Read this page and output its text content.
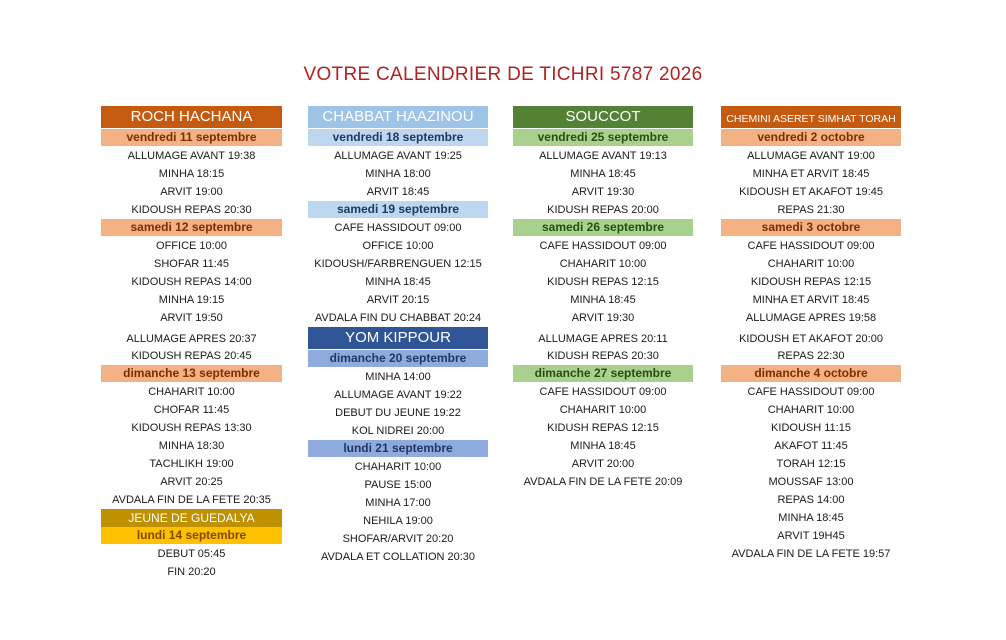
VOTRE CALENDRIER DE TICHRI 5787 2026
ROCH HACHANA
vendredi 11 septembre
ALLUMAGE AVANT 19:38
MINHA 18:15
ARVIT 19:00
KIDOUSH REPAS 20:30
samedi 12 septembre
OFFICE 10:00
SHOFAR 11:45
KIDOUSH REPAS 14:00
MINHA 19:15
ARVIT 19:50
ALLUMAGE APRES 20:37
KIDOUSH REPAS 20:45
dimanche 13 septembre
CHAHARIT 10:00
CHOFAR 11:45
KIDOUSH REPAS 13:30
MINHA 18:30
TACHLIKH 19:00
ARVIT 20:25
AVDALA FIN DE LA FETE 20:35
JEUNE DE GUEDALYA
lundi 14 septembre
DEBUT 05:45
FIN 20:20
CHABBAT HAAZINOU
vendredi 18 septembre
ALLUMAGE AVANT 19:25
MINHA 18:00
ARVIT 18:45
samedi 19 septembre
CAFE HASSIDOUT 09:00
OFFICE 10:00
KIDOUSH/FARBRENGUEN 12:15
MINHA 18:45
ARVIT 20:15
AVDALA FIN DU CHABBAT 20:24
YOM KIPPOUR
dimanche 20 septembre
MINHA 14:00
ALLUMAGE AVANT 19:22
DEBUT DU JEUNE 19:22
KOL NIDREI 20:00
lundi 21 septembre
CHAHARIT 10:00
PAUSE 15:00
MINHA 17:00
NEHILA 19:00
SHOFAR/ARVIT 20:20
AVDALA ET COLLATION 20:30
SOUCCOT
vendredi 25 septembre
ALLUMAGE AVANT 19:13
MINHA 18:45
ARVIT 19:30
KIDUSH REPAS 20:00
samedi 26 septembre
CAFE HASSIDOUT 09:00
CHAHARIT 10:00
KIDUSH REPAS 12:15
MINHA 18:45
ARVIT 19:30
ALLUMAGE APRES 20:11
KIDUSH REPAS 20:30
dimanche 27 septembre
CAFE HASSIDOUT 09:00
CHAHARIT 10:00
KIDUSH REPAS 12:15
MINHA 18:45
ARVIT 20:00
AVDALA FIN DE LA FETE 20:09
CHEMINI ASERET SIMHAT TORAH
vendredi 2 octobre
ALLUMAGE AVANT 19:00
MINHA ET ARVIT 18:45
KIDOUSH ET AKAFOT 19:45
REPAS 21:30
samedi 3 octobre
CAFE HASSIDOUT 09:00
CHAHARIT 10:00
KIDOUSH REPAS 12:15
MINHA ET ARVIT 18:45
ALLUMAGE APRES 19:58
KIDOUSH ET AKAFOT 20:00
REPAS 22:30
dimanche 4 octobre
CAFE HASSIDOUT 09:00
CHAHARIT 10:00
KIDOUSH 11:15
AKAFOT 11:45
TORAH 12:15
MOUSSAF 13:00
REPAS 14:00
MINHA 18:45
ARVIT 19H45
AVDALA FIN DE LA FETE 19:57
